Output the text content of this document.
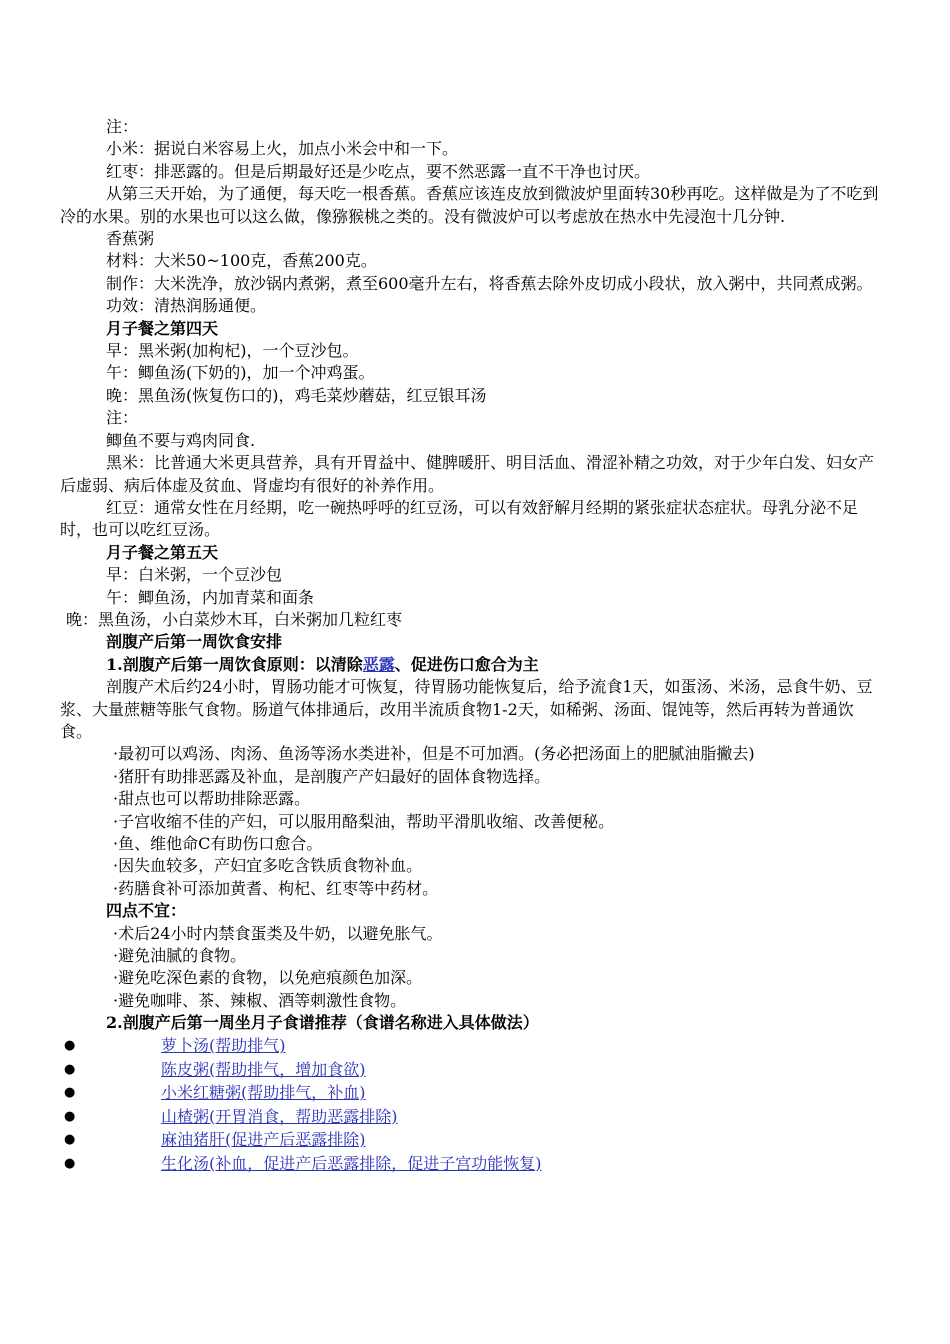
注：

小米：据说白米容易上火，加点小米会中和一下。

红枣：排恶露的。但是后期最好还是少吃点，要不然恶露一直不干净也讨厌。

从第三天开始，为了通便，每天吃一根香蕉。香蕉应该连皮放到微波炉里面转30秒再吃。这样做是为了不吃到冷的水果。别的水果也可以这么做，像猕猴桃之类的。没有微波炉可以考虑放在热水中先浸泡十几分钟.

香蕉粥

材料：大米50~100克，香蕉200克。

制作：大米洗净，放沙锅内煮粥，煮至600毫升左右，将香蕉去除外皮切成小段状，放入粥中，共同煮成粥。

功效：清热润肠通便。

月子餐之第四天

早：黑米粥(加枸杞)，一个豆沙包。

午：鲫鱼汤(下奶的)，加一个冲鸡蛋。

晚：黑鱼汤(恢复伤口的)，鸡毛菜炒蘑菇，红豆银耳汤

注：

鲫鱼不要与鸡肉同食.

黑米：比普通大米更具营养，具有开胃益中、健脾暖肝、明目活血、滑涩补精之功效，对于少年白发、妇女产后虚弱、病后体虚及贫血、肾虚均有很好的补养作用。

红豆：通常女性在月经期，吃一碗热呼呼的红豆汤，可以有效舒解月经期的紧张症状态症状。母乳分泌不足时，也可以吃红豆汤。

月子餐之第五天

早：白米粥，一个豆沙包

午：鲫鱼汤，内加青菜和面条

晚：黑鱼汤，小白菜炒木耳，白米粥加几粒红枣

剖腹产后第一周饮食安排

1.剖腹产后第一周饮食原则：以清除恶露、促进伤口愈合为主

剖腹产术后约24小时，胃肠功能才可恢复，待胃肠功能恢复后，给予流食1天，如蛋汤、米汤，忌食牛奶、豆浆、大量蔗糖等胀气食物。肠道气体排通后，改用半流质食物1-2天，如稀粥、汤面、馄饨等，然后再转为普通饮食。

·最初可以鸡汤、肉汤、鱼汤等汤水类进补，但是不可加酒。(务必把汤面上的肥腻油脂撇去)

·猪肝有助排恶露及补血，是剖腹产产妇最好的固体食物选择。

·甜点也可以帮助排除恶露。

·子宫收缩不佳的产妇，可以服用酪梨油，帮助平滑肌收缩、改善便秘。

·鱼、维他命C有助伤口愈合。

·因失血较多，产妇宜多吃含铁质食物补血。

·药膳食补可添加黄耆、枸杞、红枣等中药材。

四点不宜：

·术后24小时内禁食蛋类及牛奶，以避免胀气。

·避免油腻的食物。

·避免吃深色素的食物，以免疤痕颜色加深。

·避免咖啡、茶、辣椒、酒等刺激性食物。

2.剖腹产后第一周坐月子食谱推荐（食谱名称进入具体做法）

●	萝卜汤(帮助排气)
●	陈皮粥(帮助排气，增加食欲)
●	小米红糖粥(帮助排气，补血)
●	山楂粥(开胃消食，帮助恶露排除)
●	麻油猪肝(促进产后恶露排除)
●	生化汤(补血，促进产后恶露排除，促进子宫功能恢复)
